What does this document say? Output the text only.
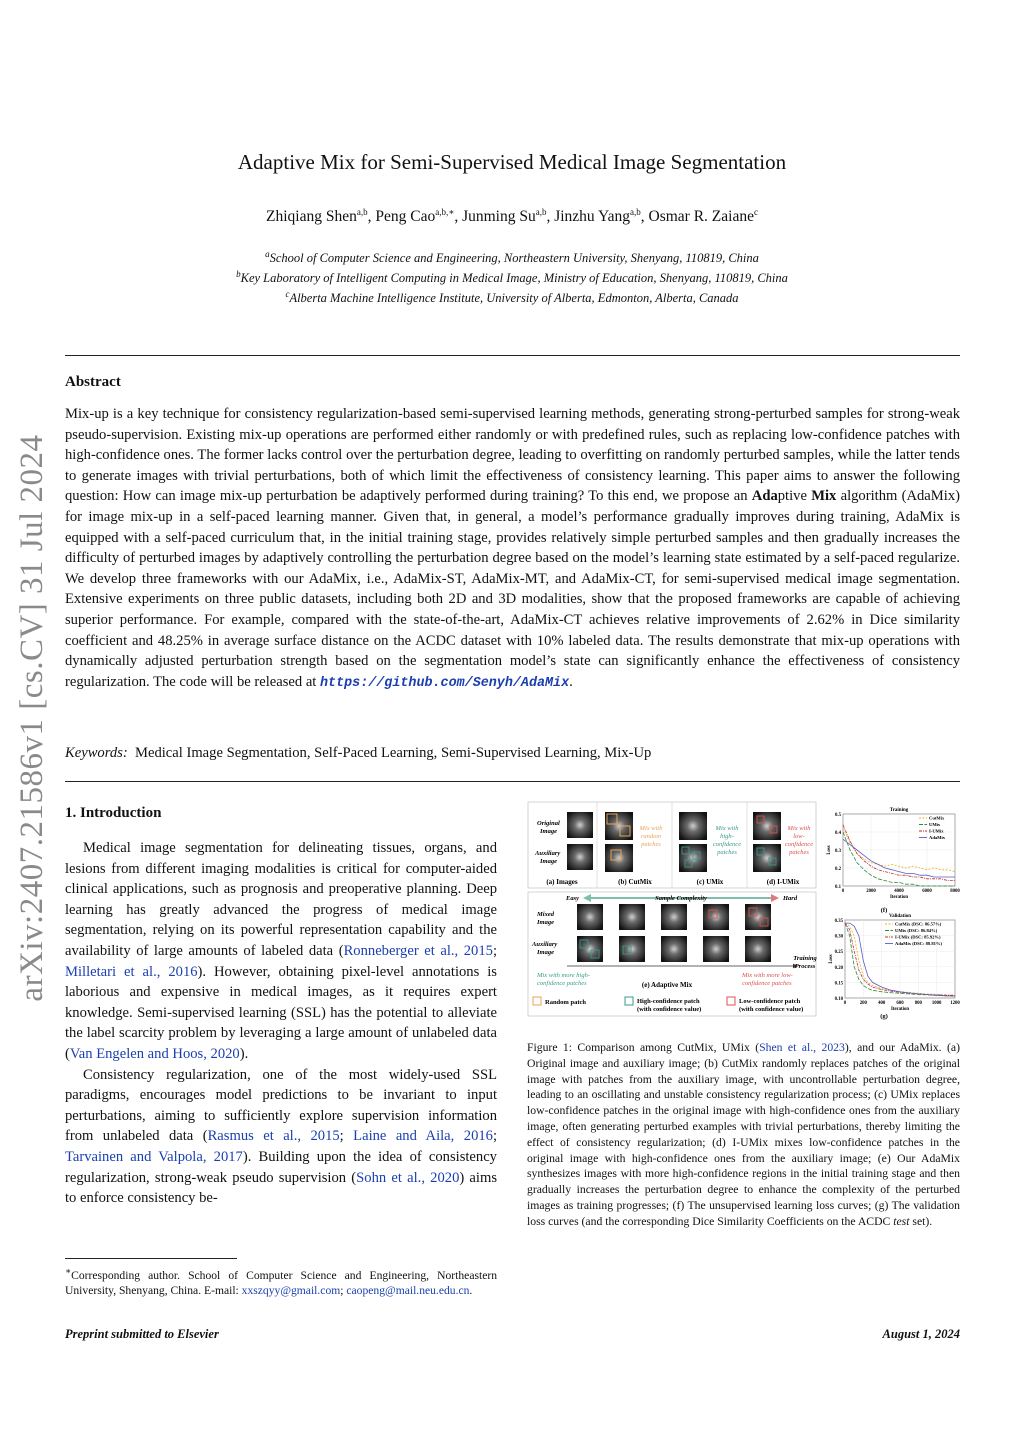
arXiv:2407.21586v1 [cs.CV] 31 Jul 2024
Adaptive Mix for Semi-Supervised Medical Image Segmentation
Zhiqiang Shen$^{a,b}$, Peng Cao$^{a,b,∗}$, Junming Su$^{a,b}$, Jinzhu Yang$^{a,b}$, Osmar R. Zaiane$^c$
$^a$School of Computer Science and Engineering, Northeastern University, Shenyang, 110819, China
$^b$Key Laboratory of Intelligent Computing in Medical Image, Ministry of Education, Shenyang, 110819, China
$^c$Alberta Machine Intelligence Institute, University of Alberta, Edmonton, Alberta, Canada
Abstract
Mix-up is a key technique for consistency regularization-based semi-supervised learning methods, generating strong-perturbed samples for strong-weak pseudo-supervision. Existing mix-up operations are performed either randomly or with predefined rules, such as replacing low-confidence patches with high-confidence ones. The former lacks control over the perturbation degree, leading to overfitting on randomly perturbed samples, while the latter tends to generate images with trivial perturbations, both of which limit the effectiveness of consistency learning. This paper aims to answer the following question: How can image mix-up perturbation be adaptively performed during training? To this end, we propose an Adaptive Mix algorithm (AdaMix) for image mix-up in a self-paced learning manner. Given that, in general, a model’s performance gradually improves during training, AdaMix is equipped with a self-paced curriculum that, in the initial training stage, provides relatively simple perturbed samples and then gradually increases the difficulty of perturbed images by adaptively controlling the perturbation degree based on the model’s learning state estimated by a self-paced regularize. We develop three frameworks with our AdaMix, i.e., AdaMix-ST, AdaMix-MT, and AdaMix-CT, for semi-supervised medical image segmentation. Extensive experiments on three public datasets, including both 2D and 3D modalities, show that the proposed frameworks are capable of achieving superior performance. For example, compared with the state-of-the-art, AdaMix-CT achieves relative improvements of 2.62% in Dice similarity coefficient and 48.25% in average surface distance on the ACDC dataset with 10% labeled data. The results demonstrate that mix-up operations with dynamically adjusted perturbation strength based on the segmentation model’s state can significantly enhance the effectiveness of consistency regularization. The code will be released at https://github.com/Senyh/AdaMix.
Keywords: Medical Image Segmentation, Self-Paced Learning, Semi-Supervised Learning, Mix-Up
1. Introduction

Medical image segmentation for delineating tissues, organs, and lesions from different imaging modalities is critical for computer-aided clinical applications, such as prognosis and preoperative planning. Deep learning has greatly advanced the progress of medical image segmentation, relying on its powerful representation capability and the availability of large amounts of labeled data (Ronneberger et al., 2015; Milletari et al., 2016). However, obtaining pixel-level annotations is laborious and expensive in medical images, as it requires expert knowledge. Semi-supervised learning (SSL) has the potential to alleviate the label scarcity problem by leveraging a large amount of unlabeled data (Van Engelen and Hoos, 2020).

Consistency regularization, one of the most widely-used SSL paradigms, encourages model predictions to be invariant to input perturbations, aiming to sufficiently explore supervision information from unlabeled data (Rasmus et al., 2015; Laine and Aila, 2016; Tarvainen and Valpola, 2017). Building upon the idea of consistency regularization, strong-weak pseudo supervision (Sohn et al., 2020) aims to enforce consistency be-

∗Corresponding author. School of Computer Science and Engineering, Northeastern University, Shenyang, China. E-mail: xxszqyy@gmail.com; caopeng@mail.neu.edu.cn.
Original
Image
Auxiliary
Image
(a) Images
Mix with
random
patches
(b) CutMix
Mix with
high-
confidence
patches
(c) UMix
Mix with
low-
confidence
patches
(d) I-UMix
Easy	Sample Complexity	Hard
Mixed
Image
Auxiliary
Image
Training
Process
Mix with more high-
confidence patches
Mix with more low-
confidence patches
(e) Adaptive Mix
Random patch	High-confidence patch
(with confidence value)
Low-confidence patch
(with confidence value)
0.1
0.2
0.3
0.4
0.5
0	2000	4000	6000	8000
Training
Iteration
Loss
CutMix
UMix
I-UMix
AdaMix
0.10
0.15
0.20
0.25
0.30
0.35
0	200 400 600 800 1000 1200
Validation
Iteration
Loss
CutMix (DSC: 86.57%)
UMix (DSC: 86.84%)
I-UMix (DSC: 85.92%)
AdaMix (DSC: 88.81%)
(f)
(g)
Figure 1: Comparison among CutMix, UMix (Shen et al., 2023), and our AdaMix. (a) Original image and auxiliary image; (b) CutMix randomly replaces patches of the original image with patches from the auxiliary image, with uncontrollable perturbation degree, leading to an oscillating and unstable consistency regularization process; (c) UMix replaces low-confidence patches in the original image with high-confidence ones from the auxiliary image, often generating perturbed examples with trivial perturbations, thereby limiting the effect of consistency regularization; (d) I-UMix mixes low-confidence patches in the original image with high-confidence ones from the auxiliary image; (e) Our AdaMix synthesizes images with more high-confidence regions in the initial training stage and then gradually increases the perturbation degree to enhance the complexity of the perturbed images as training progresses; (f) The unsupervised learning loss curves; (g) The validation loss curves (and the corresponding Dice Similarity Coefficients on the ACDC test set).
Preprint submitted to Elsevier	August 1, 2024
